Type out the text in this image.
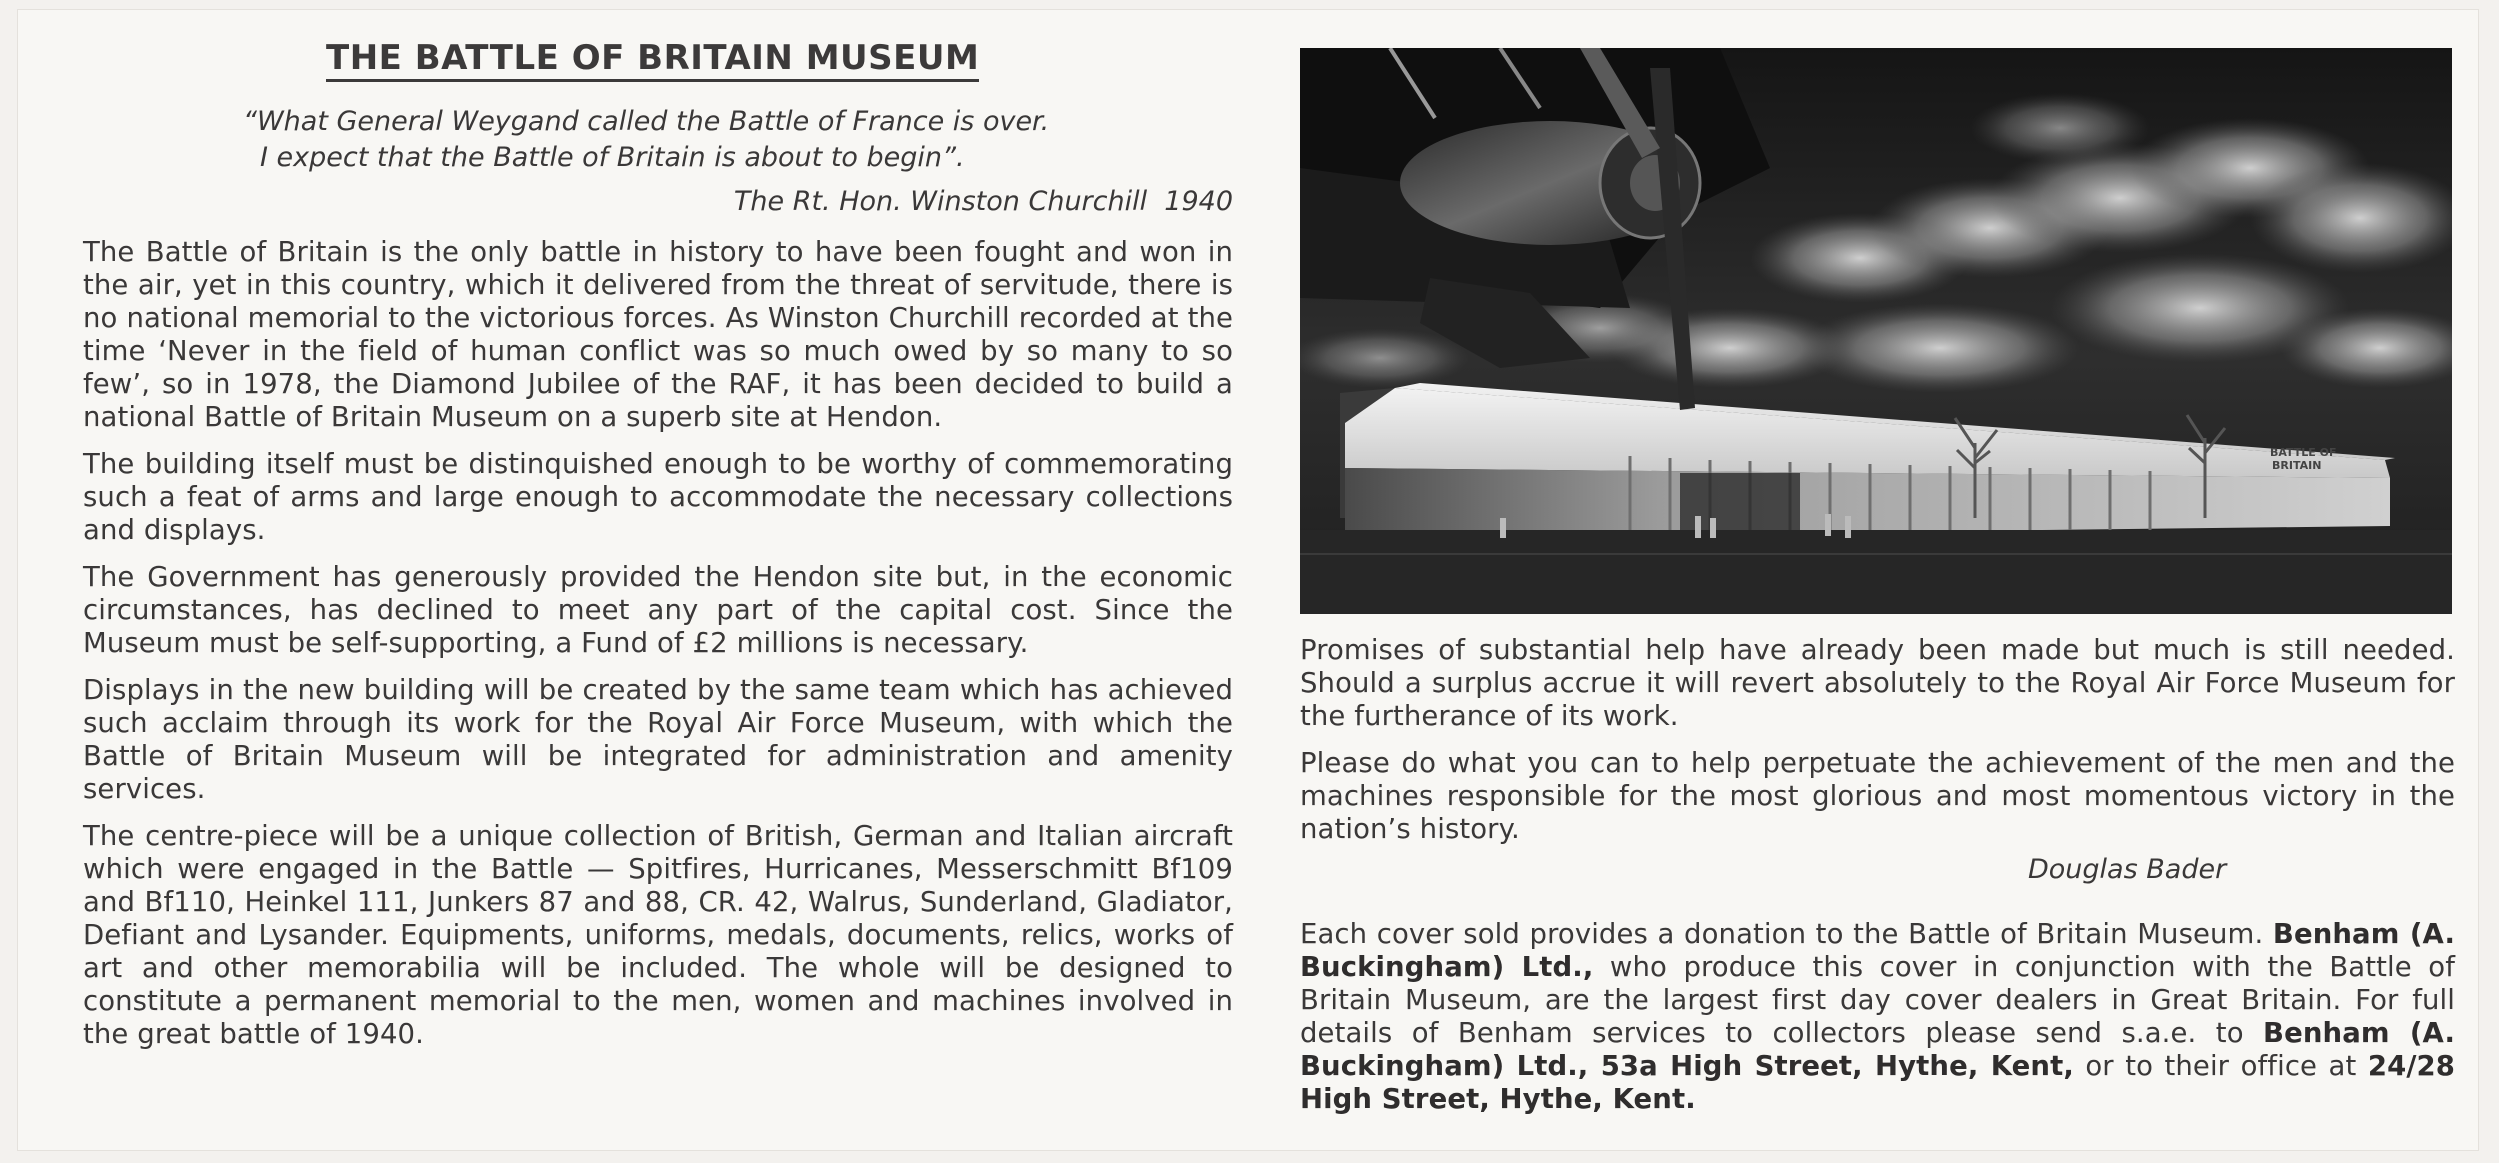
THE BATTLE OF BRITAIN MUSEUM
“What General Weygand called the Battle of France is over.
I expect that the Battle of Britain is about to begin”.
The Rt. Hon. Winston Churchill  1940

The Battle of Britain is the only battle in history to have been fought and won in the air, yet in this country, which it delivered from the threat of servitude, there is no national memorial to the victorious forces. As Winston Churchill recorded at the time ‘Never in the field of human conflict was so much owed by so many to so few’, so in 1978, the Diamond Jubilee of the RAF, it has been decided to build a national Battle of Britain Museum on a superb site at Hendon.

The building itself must be distinquished enough to be worthy of commemorating such a feat of arms and large enough to accommodate the necessary collections and displays.

The Government has generously provided the Hendon site but, in the economic circumstances, has declined to meet any part of the capital cost. Since the Museum must be self-supporting, a Fund of £2 millions is necessary.

Displays in the new building will be created by the same team which has achieved such acclaim through its work for the Royal Air Force Museum, with which the Battle of Britain Museum will be integrated for administration and amenity services.

The centre-piece will be a unique collection of British, German and Italian aircraft which were engaged in the Battle — Spitfires, Hurricanes, Messerschmitt Bf109 and Bf110, Heinkel 111, Junkers 87 and 88, CR. 42, Walrus, Sunderland, Gladiator, Defiant and Lysander. Equipments, uniforms, medals, documents, relics, works of art and other memorabilia will be included. The whole will be designed to constitute a permanent memorial to the men, women and machines involved in the great battle of 1940.

BATTLE OF
BRITAIN

Promises of substantial help have already been made but much is still needed. Should a surplus accrue it will revert absolutely to the Royal Air Force Museum for the furtherance of its work.

Please do what you can to help perpetuate the achievement of the men and the machines responsible for the most glorious and most momentous victory in the nation’s history.

Douglas Bader

Each cover sold provides a donation to the Battle of Britain Museum. Benham (A. Buckingham) Ltd., who produce this cover in conjunction with the Battle of Britain Museum, are the largest first day cover dealers in Great Britain. For full details of Benham services to collectors please send s.a.e. to Benham (A. Buckingham) Ltd., 53a High Street, Hythe, Kent, or to their office at 24/28 High Street, Hythe, Kent.
